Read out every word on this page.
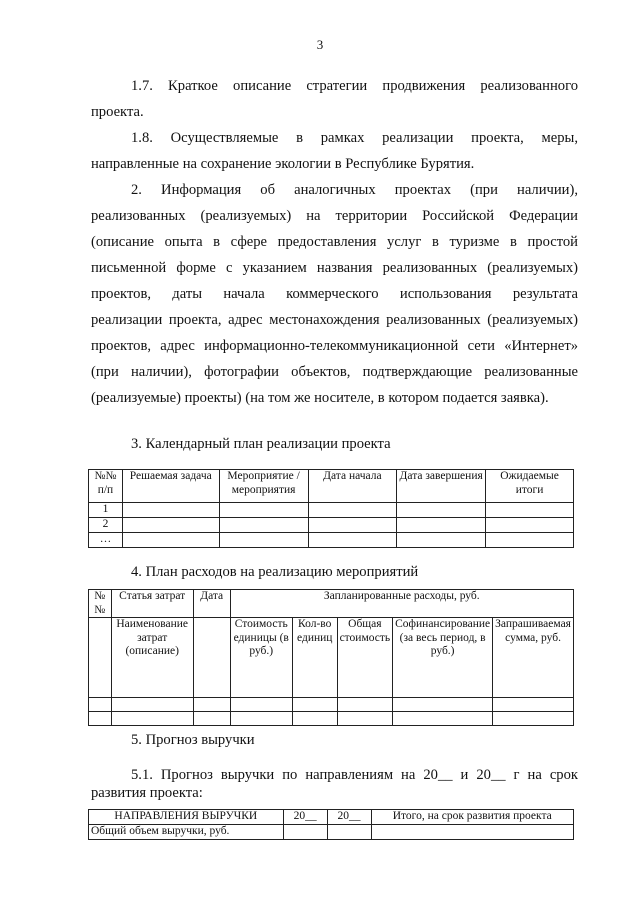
3
1.7. Краткое описание стратегии продвижения реализованного
проекта.
1.8. Осуществляемые в рамках реализации проекта, меры,
направленные на сохранение экологии в Республике Бурятия.
2. Информация об аналогичных проектах (при наличии),
реализованных (реализуемых) на территории Российской Федерации
(описание опыта в сфере предоставления услуг в туризме в простой
письменной форме с указанием названия реализованных (реализуемых)
проектов, даты начала коммерческого использования результата
реализации проекта, адрес местонахождения реализованных (реализуемых)
проектов, адрес информационно-телекоммуникационной сети «Интернет»
(при наличии), фотографии объектов, подтверждающие реализованные
(реализуемые) проекты) (на том же носителе, в котором подается заявка).
3. Календарный план реализации проекта
№№ п/п	Решаемая задача	Мероприятие /мероприятия	Дата начала	Дата завершения	Ожидаемые итоги
1					
2					
…					
4. План расходов на реализацию мероприятий
№№	Статья затрат	Дата	Запланированные расходы, руб.				
	Наименование затрат (описание)		Стоимость единицы (в руб.)	Кол-во единиц	Общая стоимость	Софинансирование (за весь период, в руб.)	Запрашиваемая сумма, руб.

5. Прогноз выручки
5.1. Прогноз выручки по направлениям на 20__ и 20__ г на срок
развития проекта:
НАПРАВЛЕНИЯ ВЫРУЧКИ	20__	20__	Итого, на срок развития проекта
Общий объем выручки, руб.			
